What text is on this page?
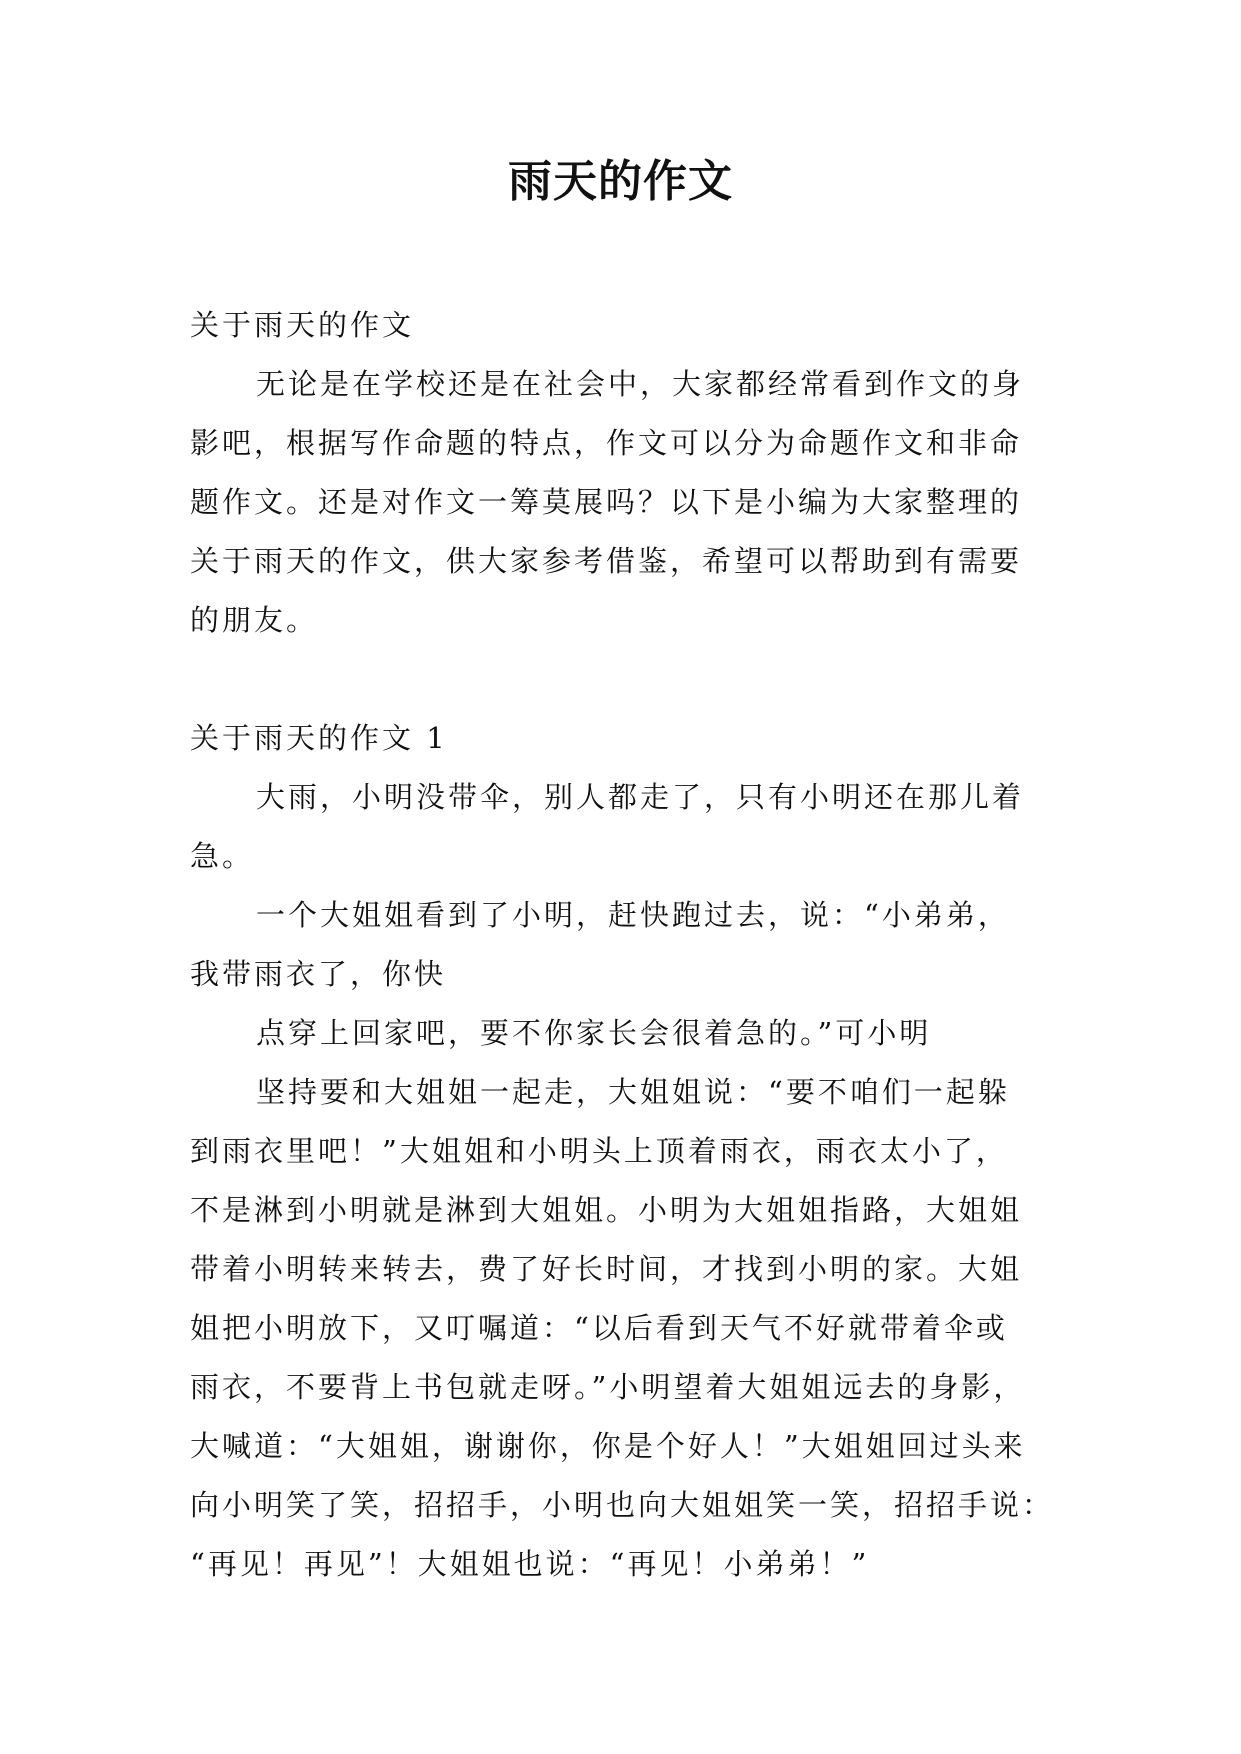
雨天的作文
关于雨天的作文
无论是在学校还是在社会中，大家都经常看到作文的身
影吧，根据写作命题的特点，作文可以分为命题作文和非命
题作文。还是对作文一筹莫展吗？以下是小编为大家整理的
关于雨天的作文，供大家参考借鉴，希望可以帮助到有需要
的朋友。
关于雨天的作文 1
大雨，小明没带伞，别人都走了，只有小明还在那儿着
急。
一个大姐姐看到了小明，赶快跑过去，说：“小弟弟，
我带雨衣了，你快
点穿上回家吧，要不你家长会很着急的。”可小明
坚持要和大姐姐一起走，大姐姐说：“要不咱们一起躲
到雨衣里吧！”大姐姐和小明头上顶着雨衣，雨衣太小了，
不是淋到小明就是淋到大姐姐。小明为大姐姐指路，大姐姐
带着小明转来转去，费了好长时间，才找到小明的家。大姐
姐把小明放下，又叮嘱道：“以后看到天气不好就带着伞或
雨衣，不要背上书包就走呀。”小明望着大姐姐远去的身影，
大喊道：“大姐姐，谢谢你，你是个好人！”大姐姐回过头来
向小明笑了笑，招招手，小明也向大姐姐笑一笑，招招手说：
“再见！再见”！大姐姐也说：“再见！小弟弟！”
